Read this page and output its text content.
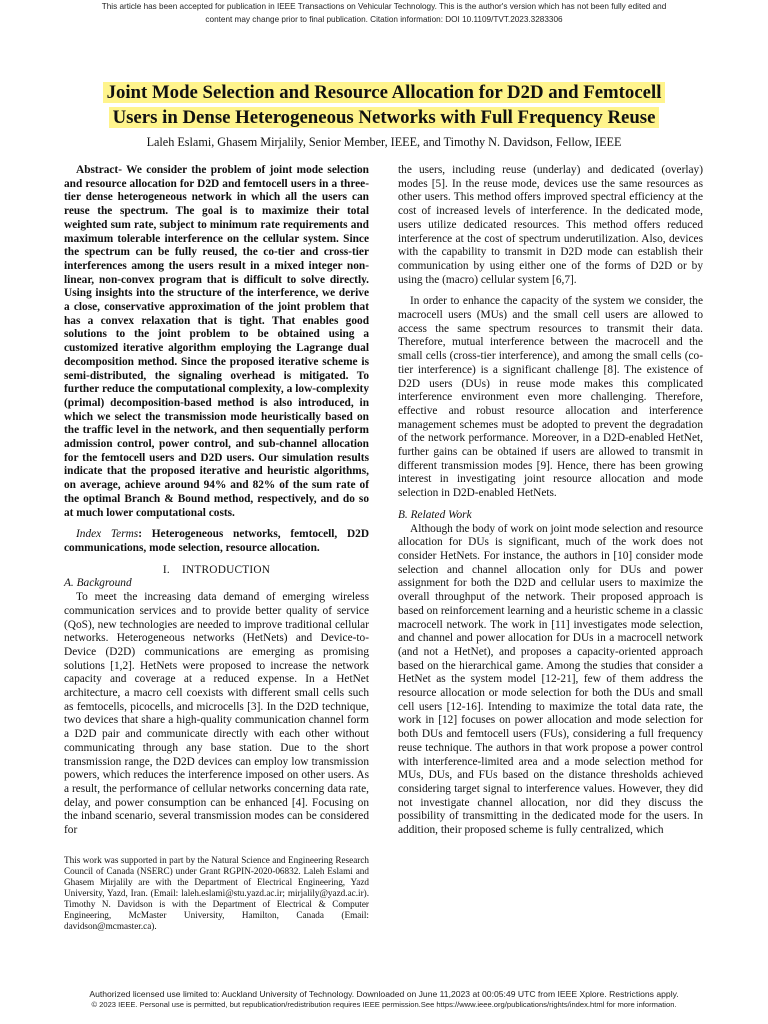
This article has been accepted for publication in IEEE Transactions on Vehicular Technology. This is the author's version which has not been fully edited and
content may change prior to final publication. Citation information: DOI 10.1109/TVT.2023.3283306
Joint Mode Selection and Resource Allocation for D2D and Femtocell
Users in Dense Heterogeneous Networks with Full Frequency Reuse
Laleh Eslami, Ghasem Mirjalily, Senior Member, IEEE, and Timothy N. Davidson, Fellow, IEEE

Abstract- We consider the problem of joint mode selection and resource allocation for D2D and femtocell users in a three-tier dense heterogeneous network in which all the users can reuse the spectrum. The goal is to maximize their total weighted sum rate, subject to minimum rate requirements and maximum tolerable interference on the cellular system. Since the spectrum can be fully reused, the co-tier and cross-tier interferences among the users result in a mixed integer non-linear, non-convex program that is difficult to solve directly. Using insights into the structure of the interference, we derive a close, conservative approximation of the joint problem that has a convex relaxation that is tight. That enables good solutions to the joint problem to be obtained using a customized iterative algorithm employing the Lagrange dual decomposition method. Since the proposed iterative scheme is semi-distributed, the signaling overhead is mitigated. To further reduce the computational complexity, a low-complexity (primal) decomposition-based method is also introduced, in which we select the transmission mode heuristically based on the traffic level in the network, and then sequentially perform admission control, power control, and sub-channel allocation for the femtocell users and D2D users. Our simulation results indicate that the proposed iterative and heuristic algorithms, on average, achieve around 94% and 82% of the sum rate of the optimal Branch & Bound method, respectively, and do so at much lower computational costs.

Index Terms: Heterogeneous networks, femtocell, D2D communications, mode selection, resource allocation.

I. INTRODUCTION

A. Background

To meet the increasing data demand of emerging wireless communication services and to provide better quality of service (QoS), new technologies are needed to improve traditional cellular networks. Heterogeneous networks (HetNets) and Device-to-Device (D2D) communications are emerging as promising solutions [1,2]. HetNets were proposed to increase the network capacity and coverage at a reduced expense. In a HetNet architecture, a macro cell coexists with different small cells such as femtocells, picocells, and microcells [3]. In the D2D technique, two devices that share a high-quality communication channel form a D2D pair and communicate directly with each other without communicating through any base station. Due to the short transmission range, the D2D devices can employ low transmission powers, which reduces the interference imposed on other users. As a result, the performance of cellular networks concerning data rate, delay, and power consumption can be enhanced [4]. Focusing on the inband scenario, several transmission modes can be considered for

This work was supported in part by the Natural Science and Engineering Research Council of Canada (NSERC) under Grant RGPIN-2020-06832. Laleh Eslami and Ghasem Mirjalily are with the Department of Electrical Engineering, Yazd University, Yazd, Iran. (Email: laleh.eslami@stu.yazd.ac.ir; mirjalily@yazd.ac.ir). Timothy N. Davidson is with the Department of Electrical & Computer Engineering, McMaster University, Hamilton, Canada (Email: davidson@mcmaster.ca).

the users, including reuse (underlay) and dedicated (overlay) modes [5]. In the reuse mode, devices use the same resources as other users. This method offers improved spectral efficiency at the cost of increased levels of interference. In the dedicated mode, users utilize dedicated resources. This method offers reduced interference at the cost of spectrum underutilization. Also, devices with the capability to transmit in D2D mode can establish their communication by using either one of the forms of D2D or by using the (macro) cellular system [6,7].

In order to enhance the capacity of the system we consider, the macrocell users (MUs) and the small cell users are allowed to access the same spectrum resources to transmit their data. Therefore, mutual interference between the macrocell and the small cells (cross-tier interference), and among the small cells (co-tier interference) is a significant challenge [8]. The existence of D2D users (DUs) in reuse mode makes this complicated interference environment even more challenging. Therefore, effective and robust resource allocation and interference management schemes must be adopted to prevent the degradation of the network performance. Moreover, in a D2D-enabled HetNet, further gains can be obtained if users are allowed to transmit in different transmission modes [9]. Hence, there has been growing interest in investigating joint resource allocation and mode selection in D2D-enabled HetNets.

B. Related Work

Although the body of work on joint mode selection and resource allocation for DUs is significant, much of the work does not consider HetNets. For instance, the authors in [10] consider mode selection and channel allocation only for DUs and power assignment for both the D2D and cellular users to maximize the overall throughput of the network. Their proposed approach is based on reinforcement learning and a heuristic scheme in a classic macrocell network. The work in [11] investigates mode selection, and channel and power allocation for DUs in a macrocell network (and not a HetNet), and proposes a capacity-oriented approach based on the hierarchical game. Among the studies that consider a HetNet as the system model [12-21], few of them address the resource allocation or mode selection for both the DUs and small cell users [12-16]. Intending to maximize the total data rate, the work in [12] focuses on power allocation and mode selection for both DUs and femtocell users (FUs), considering a full frequency reuse technique. The authors in that work propose a power control with interference-limited area and a mode selection method for MUs, DUs, and FUs based on the distance thresholds achieved considering target signal to interference values. However, they did not investigate channel allocation, nor did they discuss the possibility of transmitting in the dedicated mode for the users. In addition, their proposed scheme is fully centralized, which

Authorized licensed use limited to: Auckland University of Technology. Downloaded on June 11,2023 at 00:05:49 UTC from IEEE Xplore. Restrictions apply.
© 2023 IEEE. Personal use is permitted, but republication/redistribution requires IEEE permission.See https://www.ieee.org/publications/rights/index.html for more information.
